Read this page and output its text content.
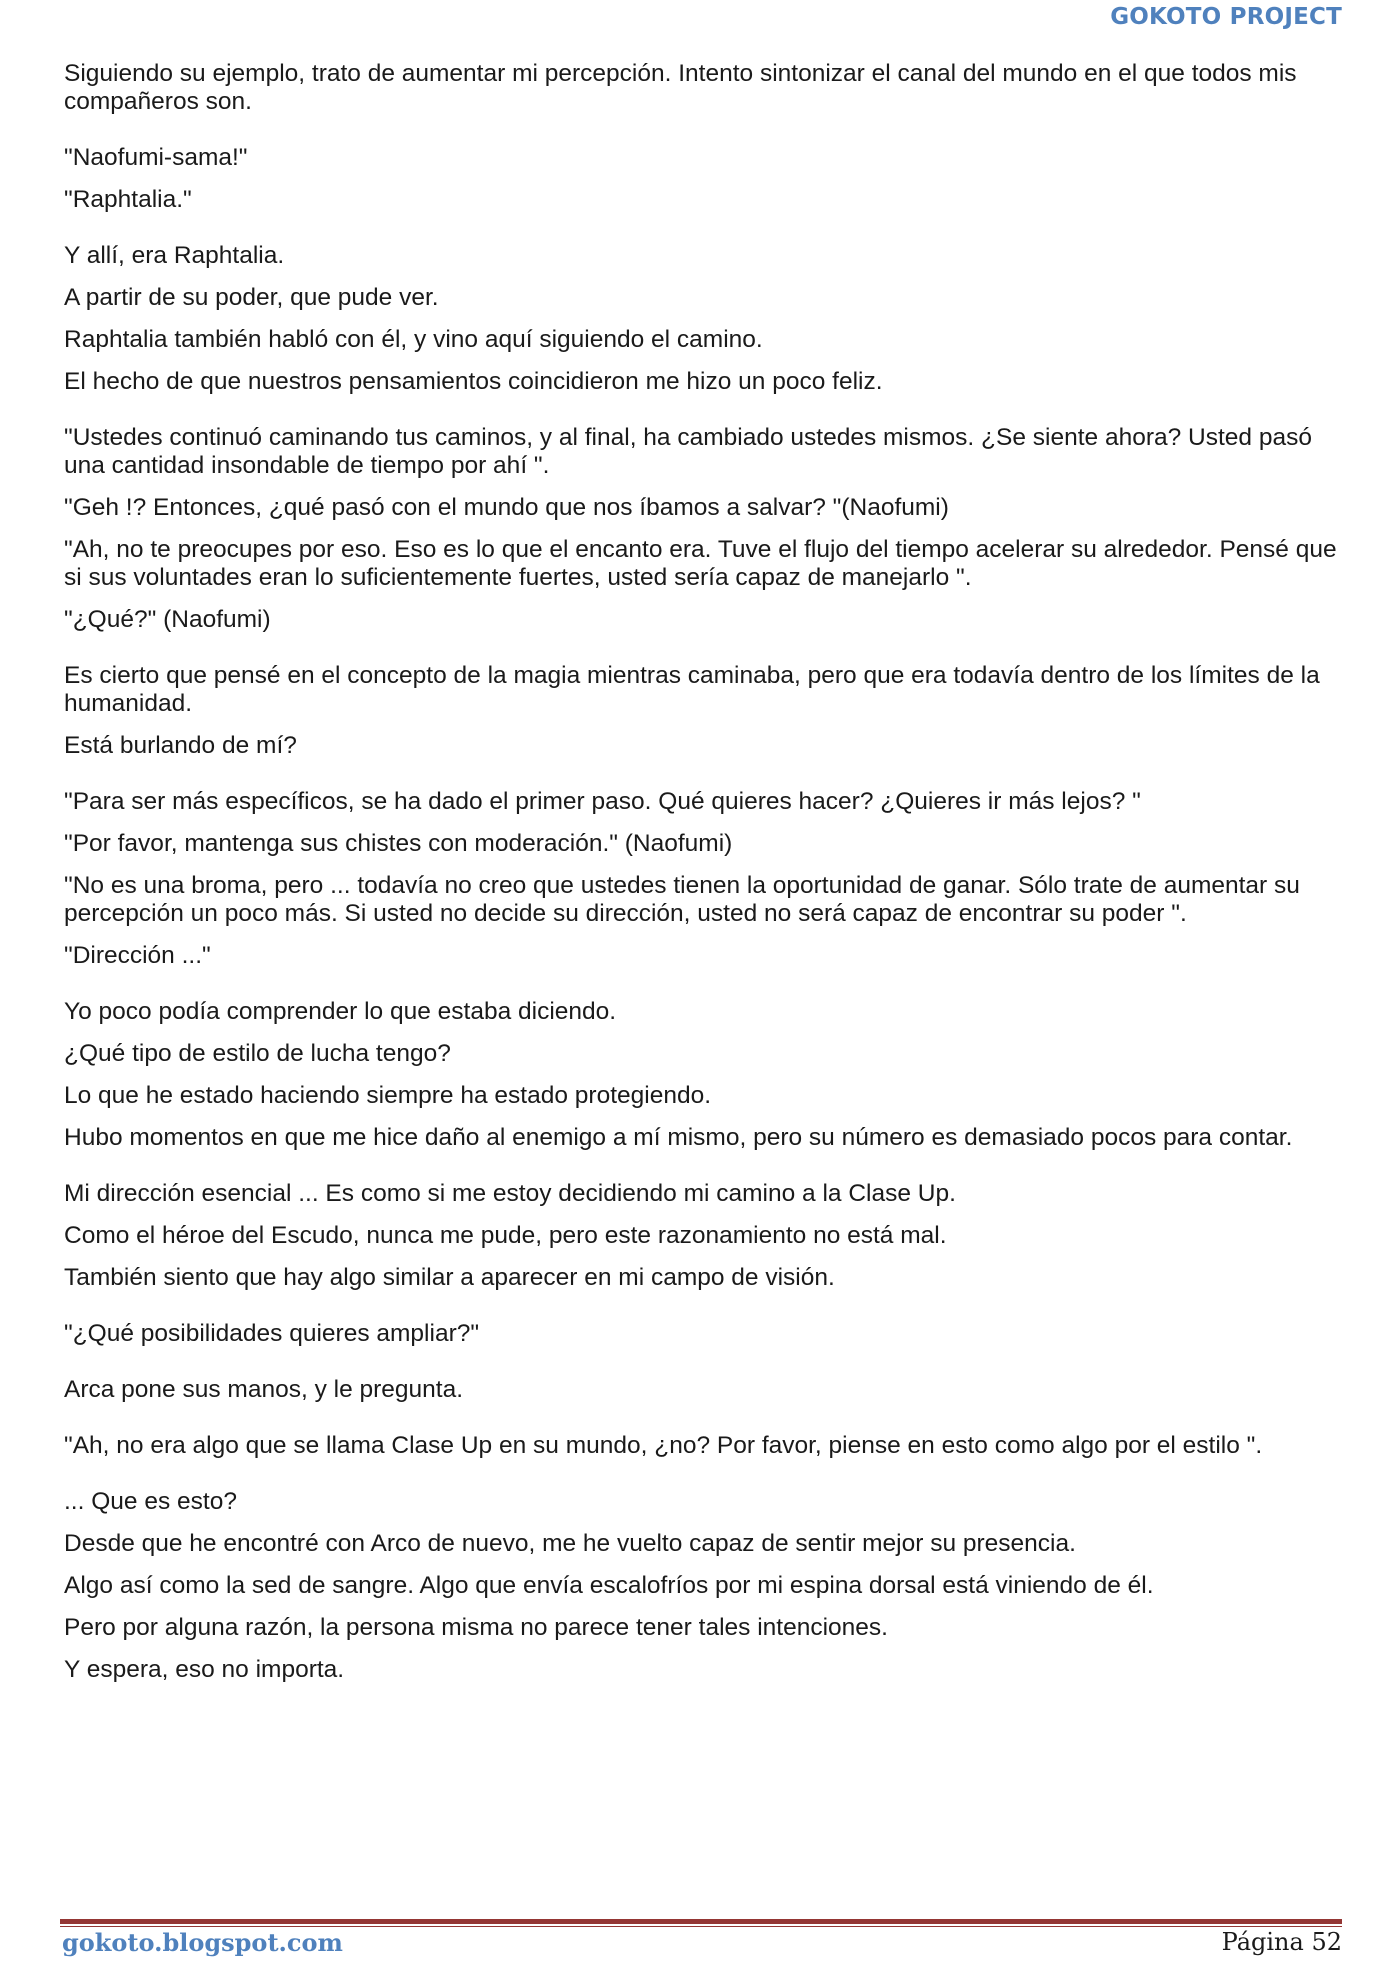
GOKOTO PROJECT

Siguiendo su ejemplo, trato de aumentar mi percepción. Intento sintonizar el canal del mundo en el que todos mis compañeros son.

"Naofumi-sama!"

"Raphtalia."

Y allí, era Raphtalia.

A partir de su poder, que pude ver.

Raphtalia también habló con él, y vino aquí siguiendo el camino.

El hecho de que nuestros pensamientos coincidieron me hizo un poco feliz.

"Ustedes continuó caminando tus caminos, y al final, ha cambiado ustedes mismos. ¿Se siente ahora? Usted pasó una cantidad insondable de tiempo por ahí ".

"Geh !? Entonces, ¿qué pasó con el mundo que nos íbamos a salvar? "(Naofumi)

"Ah, no te preocupes por eso. Eso es lo que el encanto era. Tuve el flujo del tiempo acelerar su alrededor. Pensé que si sus voluntades eran lo suficientemente fuertes, usted sería capaz de manejarlo ".

"¿Qué?" (Naofumi)

Es cierto que pensé en el concepto de la magia mientras caminaba, pero que era todavía dentro de los límites de la humanidad.

Está burlando de mí?

"Para ser más específicos, se ha dado el primer paso. Qué quieres hacer? ¿Quieres ir más lejos? "

"Por favor, mantenga sus chistes con moderación." (Naofumi)

"No es una broma, pero ... todavía no creo que ustedes tienen la oportunidad de ganar. Sólo trate de aumentar su percepción un poco más. Si usted no decide su dirección, usted no será capaz de encontrar su poder ".

"Dirección ..."

Yo poco podía comprender lo que estaba diciendo.

¿Qué tipo de estilo de lucha tengo?

Lo que he estado haciendo siempre ha estado protegiendo.

Hubo momentos en que me hice daño al enemigo a mí mismo, pero su número es demasiado pocos para contar.

Mi dirección esencial ... Es como si me estoy decidiendo mi camino a la Clase Up.

Como el héroe del Escudo, nunca me pude, pero este razonamiento no está mal.

También siento que hay algo similar a aparecer en mi campo de visión.

"¿Qué posibilidades quieres ampliar?"

Arca pone sus manos, y le pregunta.

"Ah, no era algo que se llama Clase Up en su mundo, ¿no? Por favor, piense en esto como algo por el estilo ".

... Que es esto?

Desde que he encontré con Arco de nuevo, me he vuelto capaz de sentir mejor su presencia.

Algo así como la sed de sangre. Algo que envía escalofríos por mi espina dorsal está viniendo de él.

Pero por alguna razón, la persona misma no parece tener tales intenciones.

Y espera, eso no importa.

gokoto.blogspot.com	Página 52
